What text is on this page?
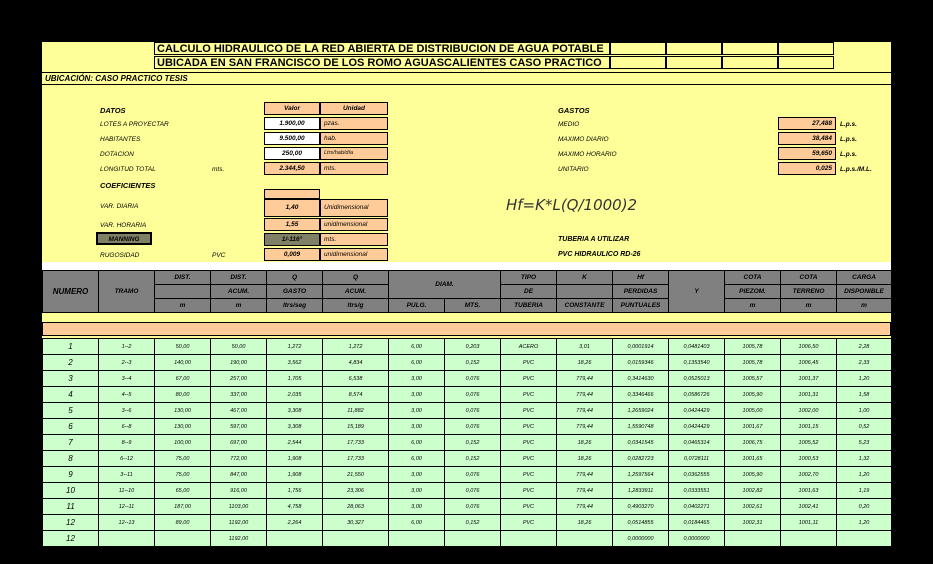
CALCULO HIDRAULICO DE LA RED ABIERTA DE DISTRIBUCION DE AGUA POTABLE
UBICADA EN SAN FRANCISCO DE LOS ROMO AGUASCALIENTES CASO PRACTICO
UBICACIÓN: CASO PRACTICO TESIS
DATOS	Valor	Unidad
LOTES A PROYECTAR	1.900,00	pzas.
HABITANTES	9.500,00	hab.
DOTACION	250,00	Ltrs/hab/día
LONGITUD TOTAL	mts.	2.344,50	mts.
COEFICIENTES
VAR. DIARIA	1,40	Unidimensional
VAR. HORARIA	1,55	unidimensional
MANNING	1/-116°	mts.
RUGOSIDAD	PVC	0,009	unidimensional
GASTOS
MEDIO	27,488	L.p.s.
MAXIMO DIARIO	38,484	L.p.s.
MAXIMO HORARIO	59,650	L.p.s.
UNITARIO	0,025	L.p.s./M.L.
Hf=K*L(Q/1000)2
TUBERIA A UTILIZAR
PVC HIDRAULICO RD-26
NUMERO	TRAMO	DIST.	DIST.	Q	Q	DIAM.		TIPO	K	Hf	Y	COTA	COTA	CARGA
			ACUM.	GASTO	ACUM.			DE		PERDIDAS		PIEZOM.	TERRENO	DISPONIBLE
		m	m	ltrs/seg	ltrs/g	PULG.	MTS.	TUBERIA	CONSTANTE	PUNTUALES		m	m	m
1	1--2	50,00	50,00	1,272	1,272	6,00	0,203	ACERO	3,01	0,0001914	0,0481403	1005,78	1006,50	2,28
2	2--3	140,00	190,00	3,562	4,834	6,00	0,152	PVC	18,26	0,0159346	0,1353540	1005,78	1006,45	2,33
3	3--4	67,00	257,00	1,705	6,538	3,00	0,076	PVC	779,44	0,3414630	0,0525013	1005,57	1001,37	1,20
4	4--5	80,00	337,00	2,035	8,574	3,00	0,076	PVC	779,44	0,3346466	0,0586726	1005,90	1001,31	1,58
5	3--6	130,00	467,00	3,308	11,882	3,00	0,076	PVC	779,44	1,2659024	0,0424429	1005,00	1002,00	1,00
6	6--8	130,00	597,00	3,308	15,189	3,00	0,076	PVC	779,44	1,5590748	0,0424429	1001,67	1001,15	0,52
7	8--9	100,00	697,00	2,544	17,733	6,00	0,152	PVC	18,26	0,0341545	0,0465314	1006,75	1005,52	5,23
8	6--12	75,00	772,00	1,908	17,733	6,00	0,152	PVC	18,26	0,0282723	0,0728111	1001,65	1000,53	1,32
9	3--11	75,00	847,00	1,908	21,550	3,00	0,076	PVC	779,44	1,2597564	0,0362555	1005,90	1002,70	1,20
10	11--10	65,00	916,00	1,756	23,306	3,00	0,076	PVC	779,44	1,2833911	0,0333551	1002,82	1001,63	1,19
11	12--11	187,00	1103,00	4,758	28,063	3,00	0,076	PVC	779,44	0,4903270	0,0402271	1002,61	1002,41	0,20
12	12--13	89,00	1192,00	2,264	30,327	6,00	0,152	PVC	18,26	0,0514855	0,0184465	1002,31	1001,11	1,20
12			1192,00							0,0000000	0,0000000			
